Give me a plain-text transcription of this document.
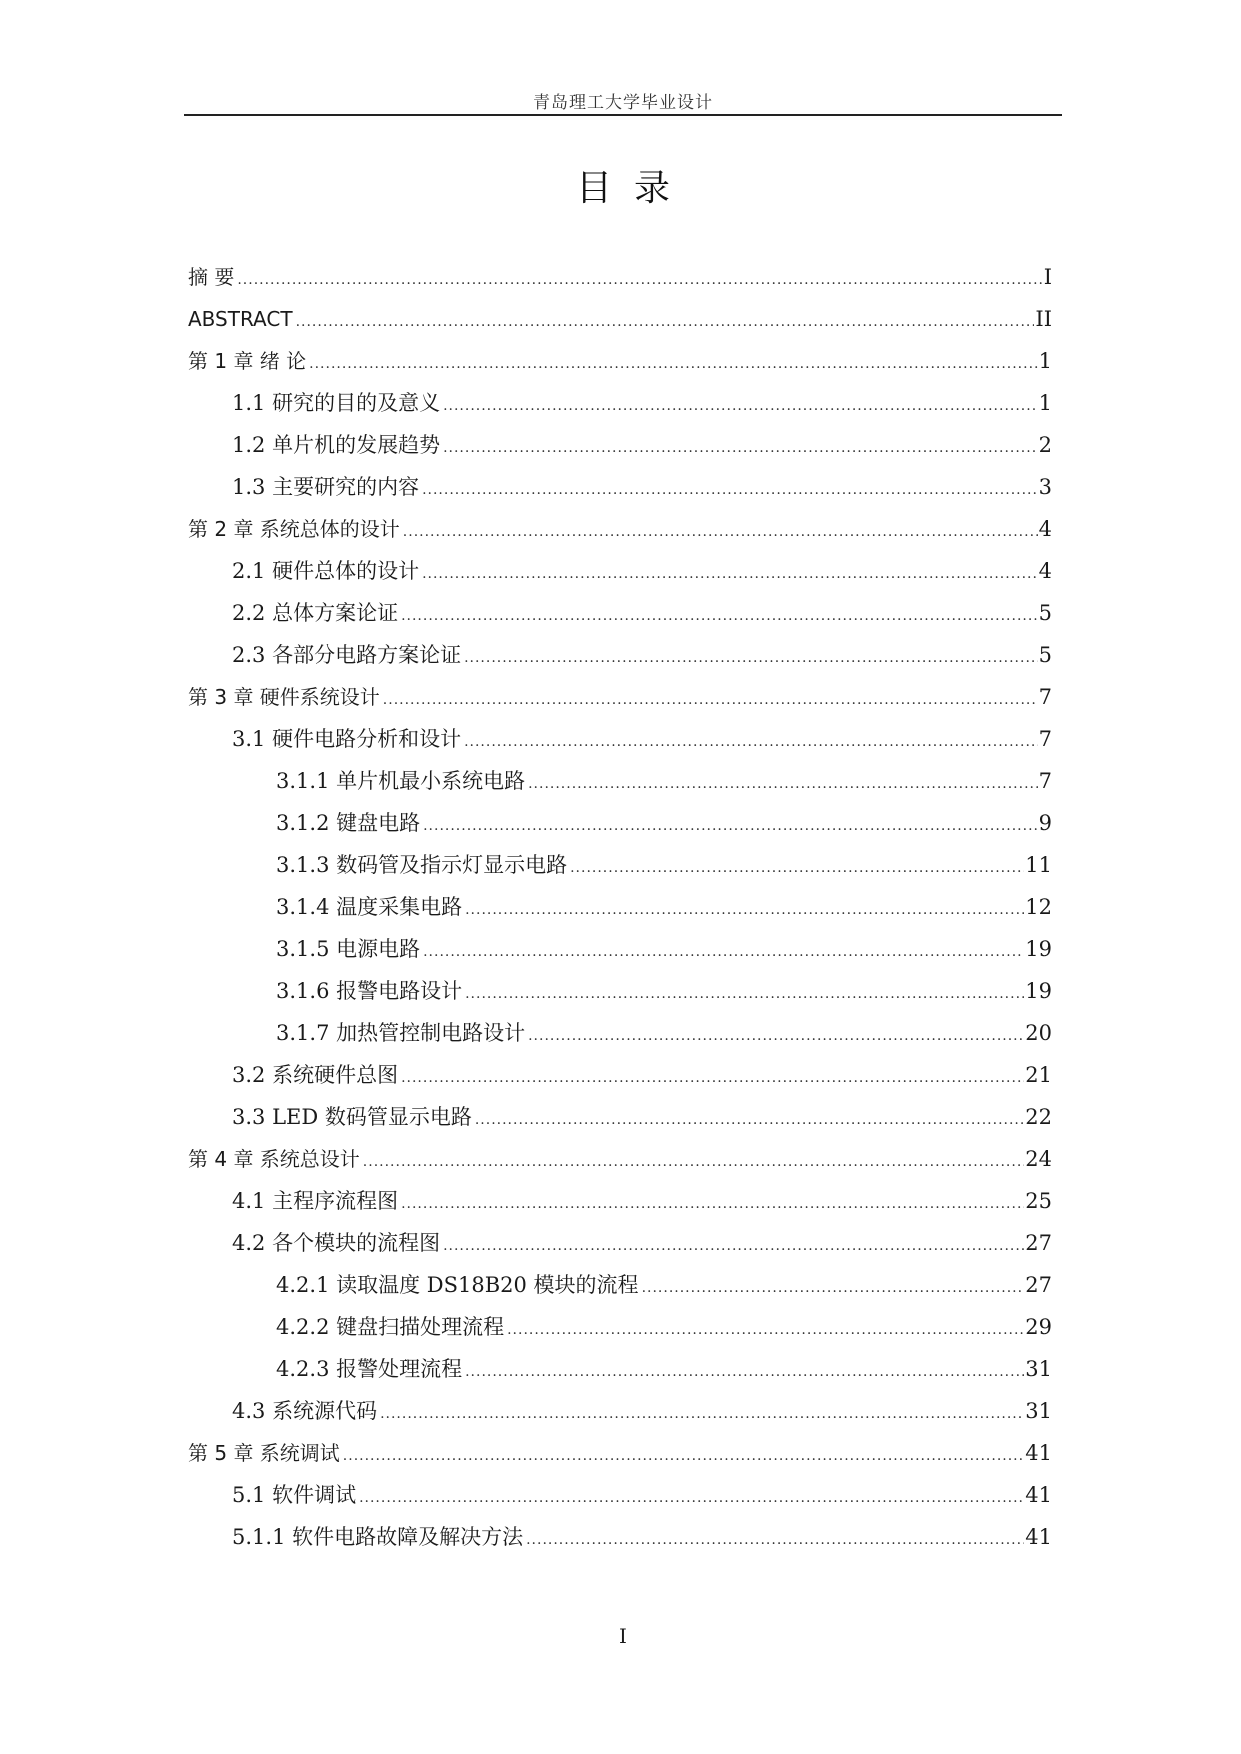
青岛理工大学毕业设计
目录
摘 要 .....	I
ABSTRACT .....	II
第 1 章 绪 论 .....	1
1.1 研究的目的及意义 .....	1
1.2 单片机的发展趋势 .....	2
1.3 主要研究的内容 .....	3
第 2 章 系统总体的设计 .....	4
2.1 硬件总体的设计 .....	4
2.2 总体方案论证 .....	5
2.3 各部分电路方案论证 .....	5
第 3 章 硬件系统设计 .....	7
3.1 硬件电路分析和设计 .....	7
3.1.1 单片机最小系统电路 .....	7
3.1.2 键盘电路 .....	9
3.1.3 数码管及指示灯显示电路 .....	11
3.1.4 温度采集电路 .....	12
3.1.5 电源电路 .....	19
3.1.6 报警电路设计 .....	19
3.1.7 加热管控制电路设计 .....	20
3.2 系统硬件总图 .....	21
3.3 LED 数码管显示电路 .....	22
第 4 章 系统总设计 .....	24
4.1 主程序流程图 .....	25
4.2 各个模块的流程图 .....	27
4.2.1 读取温度 DS18B20 模块的流程 .....	27
4.2.2 键盘扫描处理流程 .....	29
4.2.3 报警处理流程 .....	31
4.3 系统源代码 .....	31
第 5 章 系统调试 .....	41
5.1 软件调试 .....	41
5.1.1 软件电路故障及解决方法 .....	41
I
